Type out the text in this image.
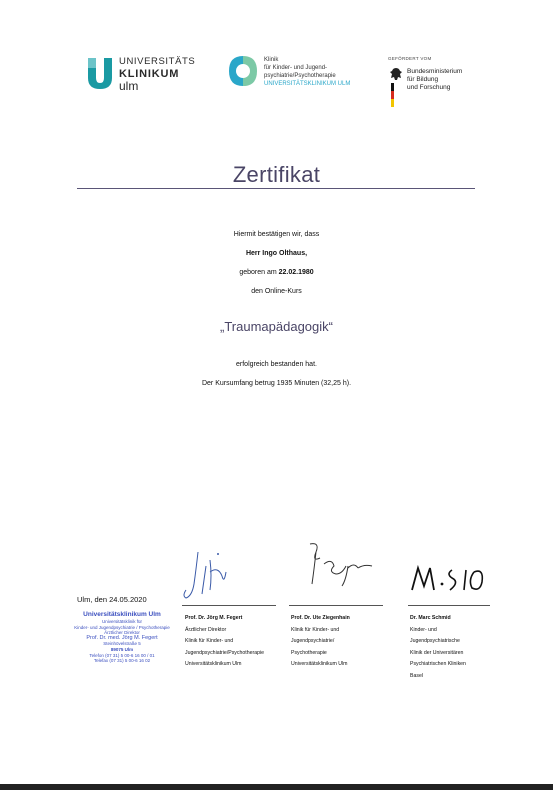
UNIVERSITÄTS
KLINIKUM
ulm
Klinik
für Kinder- und Jugend-
psychiatrie/Psychotherapie
UNIVERSITÄTSKLINIKUM ULM
GEFÖRDERT VOM
Bundesministerium
für Bildung
und Forschung
Zertifikat
Hiermit bestätigen wir, dass
Herr Ingo Olthaus,
geboren am 22.02.1980
den Online-Kurs
„Traumapädagogik“
erfolgreich bestanden hat.
Der Kursumfang betrug 1935 Minuten (32,25 h).
Ulm, den 24.05.2020
Universitätsklinikum Ulm
Universitätsklinik für
Kinder- und Jugendpsychiatrie / Psychotherapie
Ärztlicher Direktor
Prof. Dr. med. Jörg M. Fegert
Steinhövelstraße 5
89075 Ulm
Telefon (07 31) 5 00-6 16 00 / 01
Telefax (07 31) 5 00-6 16 02
Prof. Dr. Jörg M. Fegert
Ärztlicher Direktor
Klinik für Kinder- und
Jugendpsychiatrie/Psychotherapie
Universitätsklinikum Ulm
Prof. Dr. Ute Ziegenhain
Klinik für Kinder- und
Jugendpsychiatrie/
Psychotherapie
Universitätsklinikum Ulm
Dr. Marc Schmid
Kinder- und
Jugendpsychiatrische
Klinik der Universitären
Psychiatrischen Kliniken
Basel
